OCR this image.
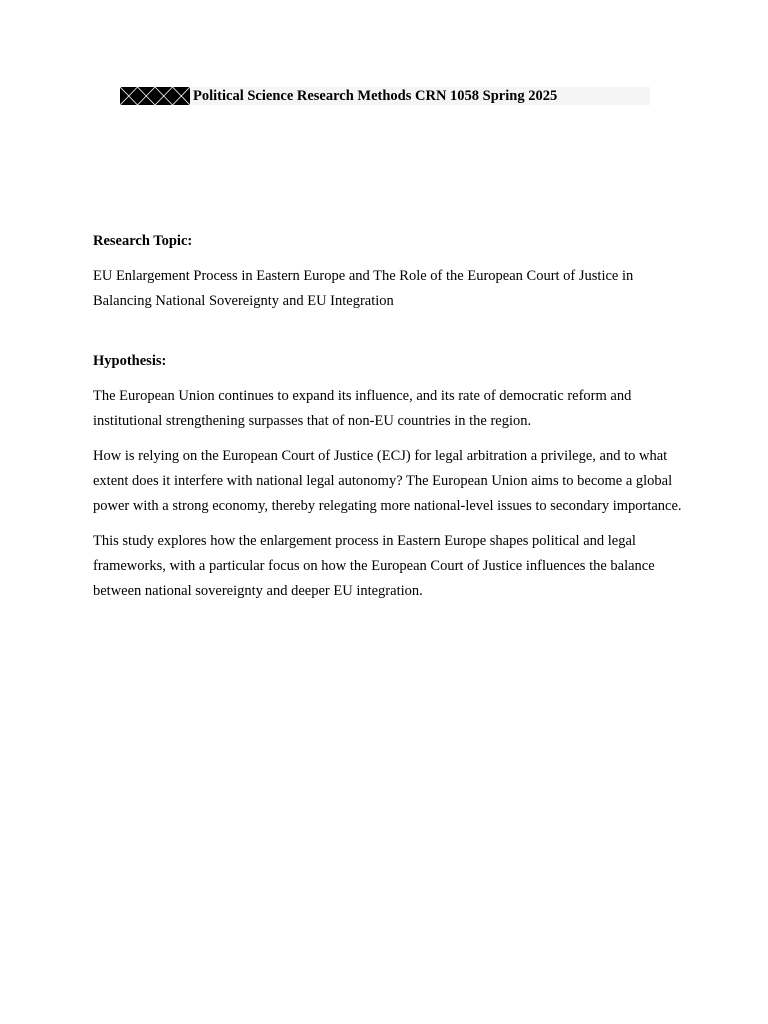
Political Science Research Methods CRN 1058 Spring 2025

Research Topic:

EU Enlargement Process in Eastern Europe and The Role of the European Court of Justice in Balancing National Sovereignty and EU Integration

Hypothesis:

The European Union continues to expand its influence, and its rate of democratic reform and institutional strengthening surpasses that of non-EU countries in the region.

How is relying on the European Court of Justice (ECJ) for legal arbitration a privilege, and to what extent does it interfere with national legal autonomy? The European Union aims to become a global power with a strong economy, thereby relegating more national-level issues to secondary importance.

This study explores how the enlargement process in Eastern Europe shapes political and legal frameworks, with a particular focus on how the European Court of Justice influences the balance between national sovereignty and deeper EU integration.
